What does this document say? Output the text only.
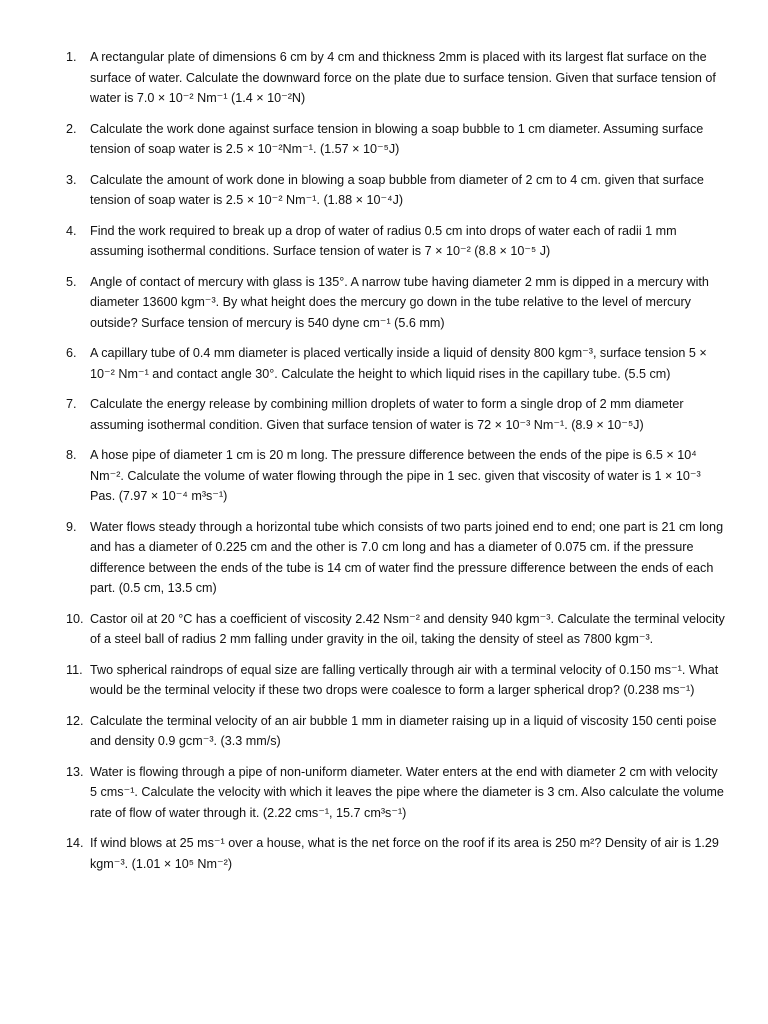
1. A rectangular plate of dimensions 6 cm by 4 cm and thickness 2mm is placed with its largest flat surface on the surface of water. Calculate the downward force on the plate due to surface tension. Given that surface tension of water is 7.0 × 10⁻² Nm⁻¹ (1.4 × 10⁻²N)
2. Calculate the work done against surface tension in blowing a soap bubble to 1 cm diameter. Assuming surface tension of soap water is 2.5 × 10⁻²Nm⁻¹. (1.57 × 10⁻⁵J)
3. Calculate the amount of work done in blowing a soap bubble from diameter of 2 cm to 4 cm. given that surface tension of soap water is 2.5 × 10⁻² Nm⁻¹. (1.88 × 10⁻⁴J)
4. Find the work required to break up a drop of water of radius 0.5 cm into drops of water each of radii 1 mm assuming isothermal conditions. Surface tension of water is 7 × 10⁻² (8.8 × 10⁻⁵ J)
5. Angle of contact of mercury with glass is 135°. A narrow tube having diameter 2 mm is dipped in a mercury with diameter 13600 kgm⁻³. By what height does the mercury go down in the tube relative to the level of mercury outside? Surface tension of mercury is 540 dyne cm⁻¹ (5.6 mm)
6. A capillary tube of 0.4 mm diameter is placed vertically inside a liquid of density 800 kgm⁻³, surface tension 5 × 10⁻² Nm⁻¹ and contact angle 30°. Calculate the height to which liquid rises in the capillary tube. (5.5 cm)
7. Calculate the energy release by combining million droplets of water to form a single drop of 2 mm diameter assuming isothermal condition. Given that surface tension of water is 72 × 10⁻³ Nm⁻¹. (8.9 × 10⁻⁵J)
8. A hose pipe of diameter 1 cm is 20 m long. The pressure difference between the ends of the pipe is 6.5 × 10⁴ Nm⁻². Calculate the volume of water flowing through the pipe in 1 sec. given that viscosity of water is 1 × 10⁻³ Pas. (7.97 × 10⁻⁴ m³s⁻¹)
9. Water flows steady through a horizontal tube which consists of two parts joined end to end; one part is 21 cm long and has a diameter of 0.225 cm and the other is 7.0 cm long and has a diameter of 0.075 cm. if the pressure difference between the ends of the tube is 14 cm of water find the pressure difference between the ends of each part. (0.5 cm, 13.5 cm)
10. Castor oil at 20 °C has a coefficient of viscosity 2.42 Nsm⁻² and density 940 kgm⁻³. Calculate the terminal velocity of a steel ball of radius 2 mm falling under gravity in the oil, taking the density of steel as 7800 kgm⁻³.
11. Two spherical raindrops of equal size are falling vertically through air with a terminal velocity of 0.150 ms⁻¹. What would be the terminal velocity if these two drops were coalesce to form a larger spherical drop? (0.238 ms⁻¹)
12. Calculate the terminal velocity of an air bubble 1 mm in diameter raising up in a liquid of viscosity 150 centi poise and density 0.9 gcm⁻³. (3.3 mm/s)
13. Water is flowing through a pipe of non-uniform diameter. Water enters at the end with diameter 2 cm with velocity 5 cms⁻¹. Calculate the velocity with which it leaves the pipe where the diameter is 3 cm. Also calculate the volume rate of flow of water through it. (2.22 cms⁻¹, 15.7 cm³s⁻¹)
14. If wind blows at 25 ms⁻¹ over a house, what is the net force on the roof if its area is 250 m²? Density of air is 1.29 kgm⁻³. (1.01 × 10⁵ Nm⁻²)
